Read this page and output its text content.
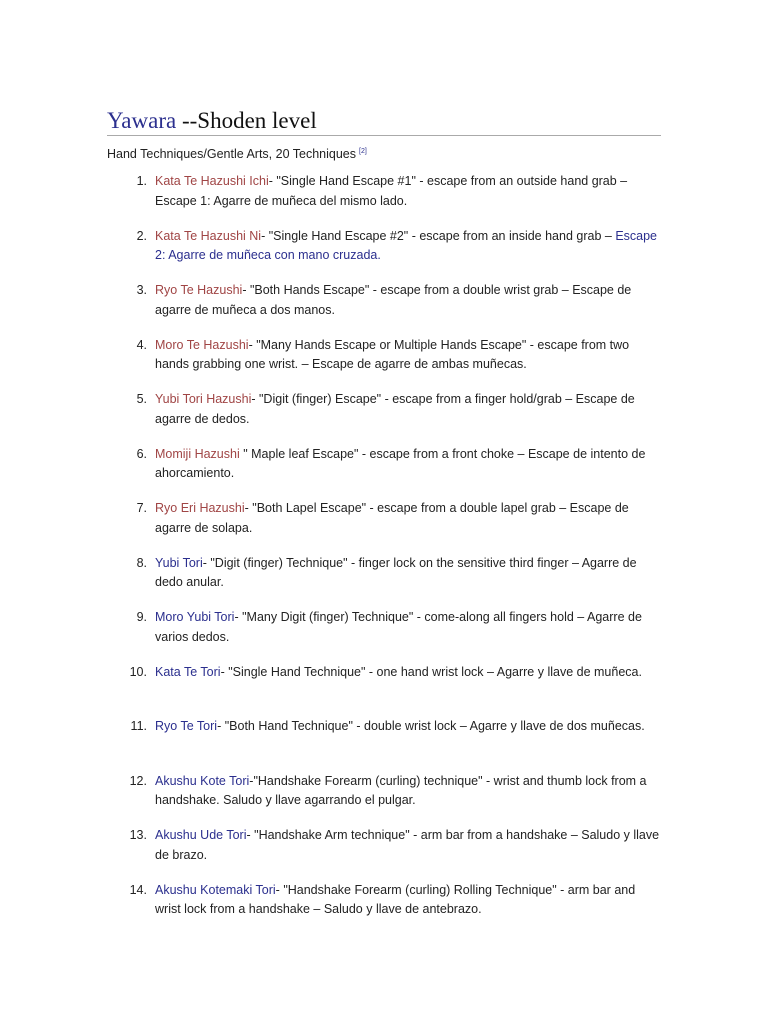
Yawara --Shoden level
Hand Techniques/Gentle Arts, 20 Techniques [2]
1. Kata Te Hazushi Ichi- "Single Hand Escape #1" - escape from an outside hand grab – Escape 1: Agarre de muñeca del mismo lado.
2. Kata Te Hazushi Ni- "Single Hand Escape #2" - escape from an inside hand grab – Escape 2: Agarre de muñeca con mano cruzada.
3. Ryo Te Hazushi- "Both Hands Escape" - escape from a double wrist grab – Escape de agarre de muñeca a dos manos.
4. Moro Te Hazushi- "Many Hands Escape or Multiple Hands Escape" - escape from two hands grabbing one wrist. – Escape de agarre de ambas muñecas.
5. Yubi Tori Hazushi- "Digit (finger) Escape" - escape from a finger hold/grab – Escape de agarre de dedos.
6. Momiji Hazushi " Maple leaf Escape" - escape from a front choke – Escape de intento de ahorcamiento.
7. Ryo Eri Hazushi- "Both Lapel Escape" - escape from a double lapel grab – Escape de agarre de solapa.
8. Yubi Tori- "Digit (finger) Technique" - finger lock on the sensitive third finger – Agarre de dedo anular.
9. Moro Yubi Tori- "Many Digit (finger) Technique" - come-along all fingers hold – Agarre de varios dedos.
10. Kata Te Tori- "Single Hand Technique" - one hand wrist lock – Agarre y llave de muñeca.
11. Ryo Te Tori- "Both Hand Technique" - double wrist lock – Agarre y llave de dos muñecas.
12. Akushu Kote Tori-"Handshake Forearm (curling) technique" - wrist and thumb lock from a handshake. Saludo y llave agarrando el pulgar.
13. Akushu Ude Tori- "Handshake Arm technique" - arm bar from a handshake – Saludo y llave de brazo.
14. Akushu Kotemaki Tori- "Handshake Forearm (curling) Rolling Technique" - arm bar and wrist lock from a handshake – Saludo y llave de antebrazo.
